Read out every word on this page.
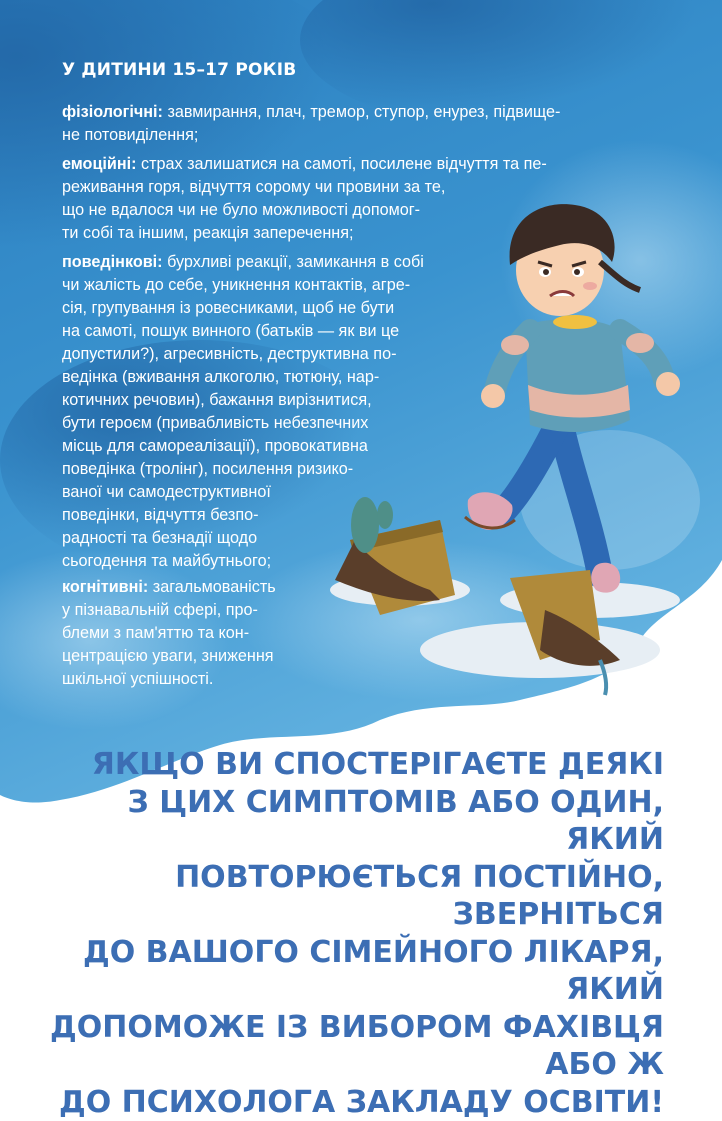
У ДИТИНИ 15–17 РОКІВ

фізіологічні: завмирання, плач, тремор, ступор, енурез, підвище-
не потовиділення;

емоційні: страх залишатися на самоті, посилене відчуття та пе-
реживання горя, відчуття сорому чи провини за те,
що не вдалося чи не було можливості допомог-
ти собі та іншим, реакція заперечення;

поведінкові: бурхливі реакції, замикання в собі
чи жалість до себе, уникнення контактів, агре-
сія, групування із ровесниками, щоб не бути
на самоті, пошук винного (батьків — як ви це
допустили?), агресивність, деструктивна по-
ведінка (вживання алкоголю, тютюну, нар-
котичних речовин), бажання вирізнитися,
бути героєм (привабливість небезпечних
місць для самореалізації), провокативна
поведінка (тролінг), посилення ризико-
ваної чи самодеструктивної
поведінки, відчуття безпо-
радності та безнадії щодо
сьогодення та майбутнього;

когнітивні: загальмованість
у пізнавальній сфері, про-
блеми з пам'яттю та кон-
центрацією уваги, зниження
шкільної успішності.

ЯКЩО ВИ СПОСТЕРІГАЄТЕ ДЕЯКІ
З ЦИХ СИМПТОМІВ АБО ОДИН, ЯКИЙ
ПОВТОРЮЄТЬСЯ ПОСТІЙНО, ЗВЕРНІТЬСЯ
ДО ВАШОГО СІМЕЙНОГО ЛІКАРЯ, ЯКИЙ
ДОПОМОЖЕ ІЗ ВИБОРОМ ФАХІВЦЯ АБО Ж
ДО ПСИХОЛОГА ЗАКЛАДУ ОСВІТИ!
